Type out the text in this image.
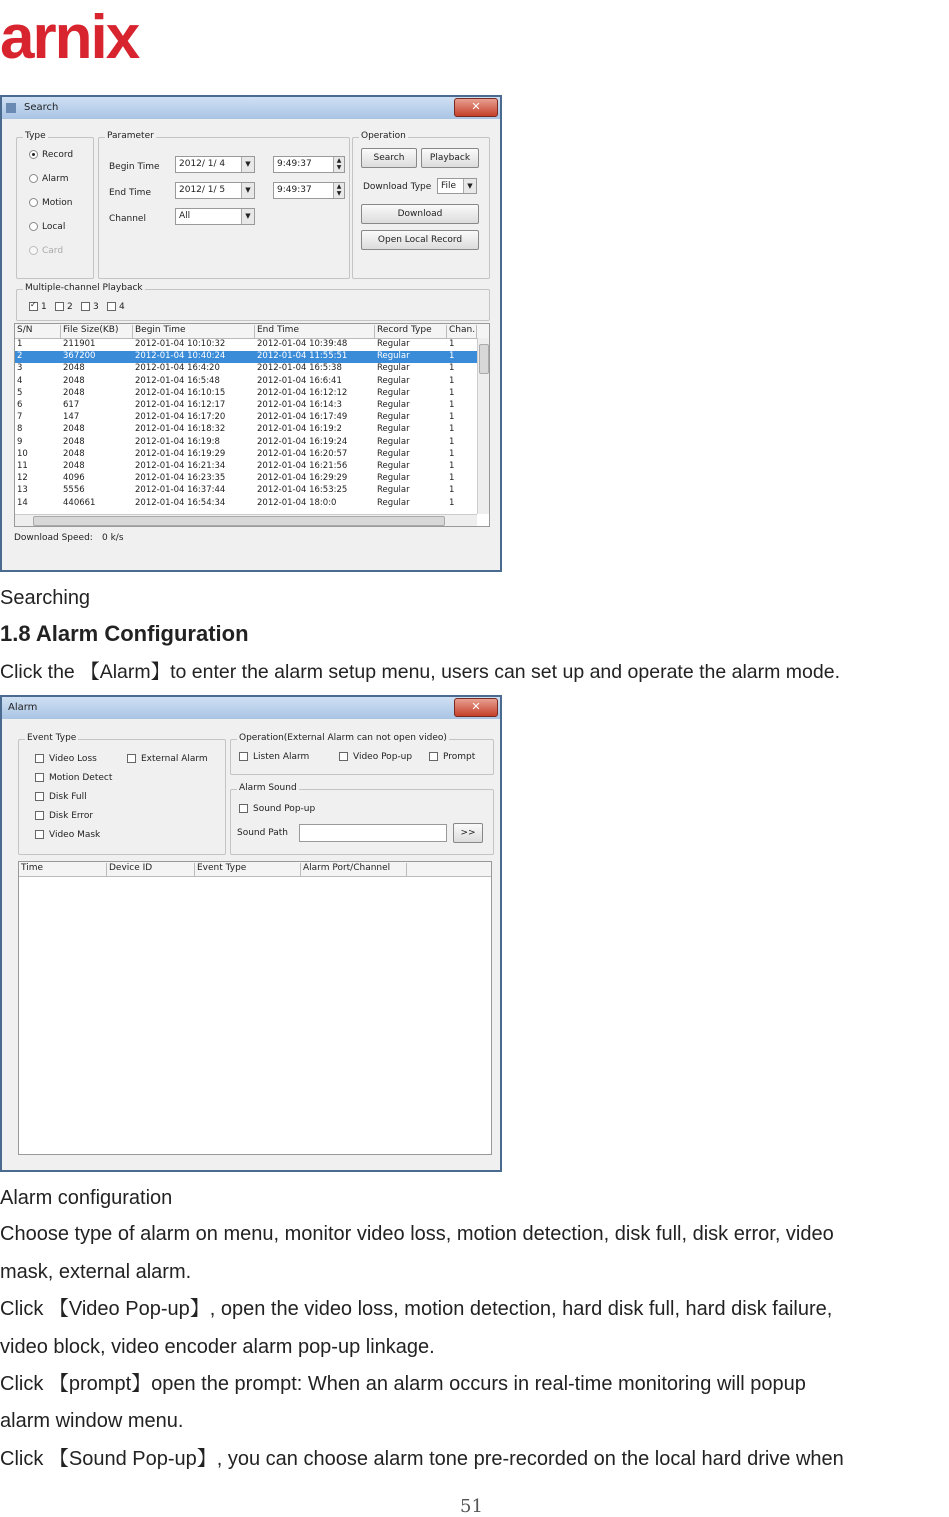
arnix
Search	✕
Type
Record
Alarm
Motion
Local
Card
Parameter
Begin Time	2012/ 1/ 4	▼	9:49:37	▲
▼
End Time	2012/ 1/ 5	▼	9:49:37	▲
▼
Channel	All	▼
Operation
Search	Playback
Download Type	File	▼
Download
Open Local Record
Multiple-channel Playback
✓
1 2 3 4
S/N	File Size(KB)	Begin Time	End Time	Record Type	Chan.
1	211901	2012-01-04 10:10:32	2012-01-04 10:39:48	Regular	1
2	367200	2012-01-04 10:40:24	2012-01-04 11:55:51	Regular	1
3	2048	2012-01-04 16:4:20	2012-01-04 16:5:38	Regular	1
4	2048	2012-01-04 16:5:48	2012-01-04 16:6:41	Regular	1
5	2048	2012-01-04 16:10:15	2012-01-04 16:12:12	Regular	1
6	617	2012-01-04 16:12:17	2012-01-04 16:14:3	Regular	1
7	147	2012-01-04 16:17:20	2012-01-04 16:17:49	Regular	1
8	2048	2012-01-04 16:18:32	2012-01-04 16:19:2	Regular	1
9	2048	2012-01-04 16:19:8	2012-01-04 16:19:24	Regular	1
10	2048	2012-01-04 16:19:29	2012-01-04 16:20:57	Regular	1
11	2048	2012-01-04 16:21:34	2012-01-04 16:21:56	Regular	1
12	4096	2012-01-04 16:23:35	2012-01-04 16:29:29	Regular	1
13	5556	2012-01-04 16:37:44	2012-01-04 16:53:25	Regular	1
14	440661	2012-01-04 16:54:34	2012-01-04 18:0:0	Regular	1
Download Speed: 0 k/s
Searching
1.8 Alarm Configuration
Click the 【Alarm】to enter the alarm setup menu, users can set up and operate the alarm mode.
Alarm	✕
Event Type
Video Loss	External Alarm
Motion Detect
Disk Full
Disk Error
Video Mask
Operation(External Alarm can not open video)
Listen Alarm	Video Pop-up	Prompt
Alarm Sound
Sound Pop-up
Sound Path	>>
Time	Device ID	Event Type	Alarm Port/Channel
Alarm configuration
Choose type of alarm on menu, monitor video loss, motion detection, disk full, disk error, video
mask, external alarm.
Click 【Video Pop-up】, open the video loss, motion detection, hard disk full, hard disk failure,
video block, video encoder alarm pop-up linkage.
Click 【prompt】open the prompt: When an alarm occurs in real-time monitoring will popup
alarm window menu.
Click 【Sound Pop-up】, you can choose alarm tone pre-recorded on the local hard drive when
51
